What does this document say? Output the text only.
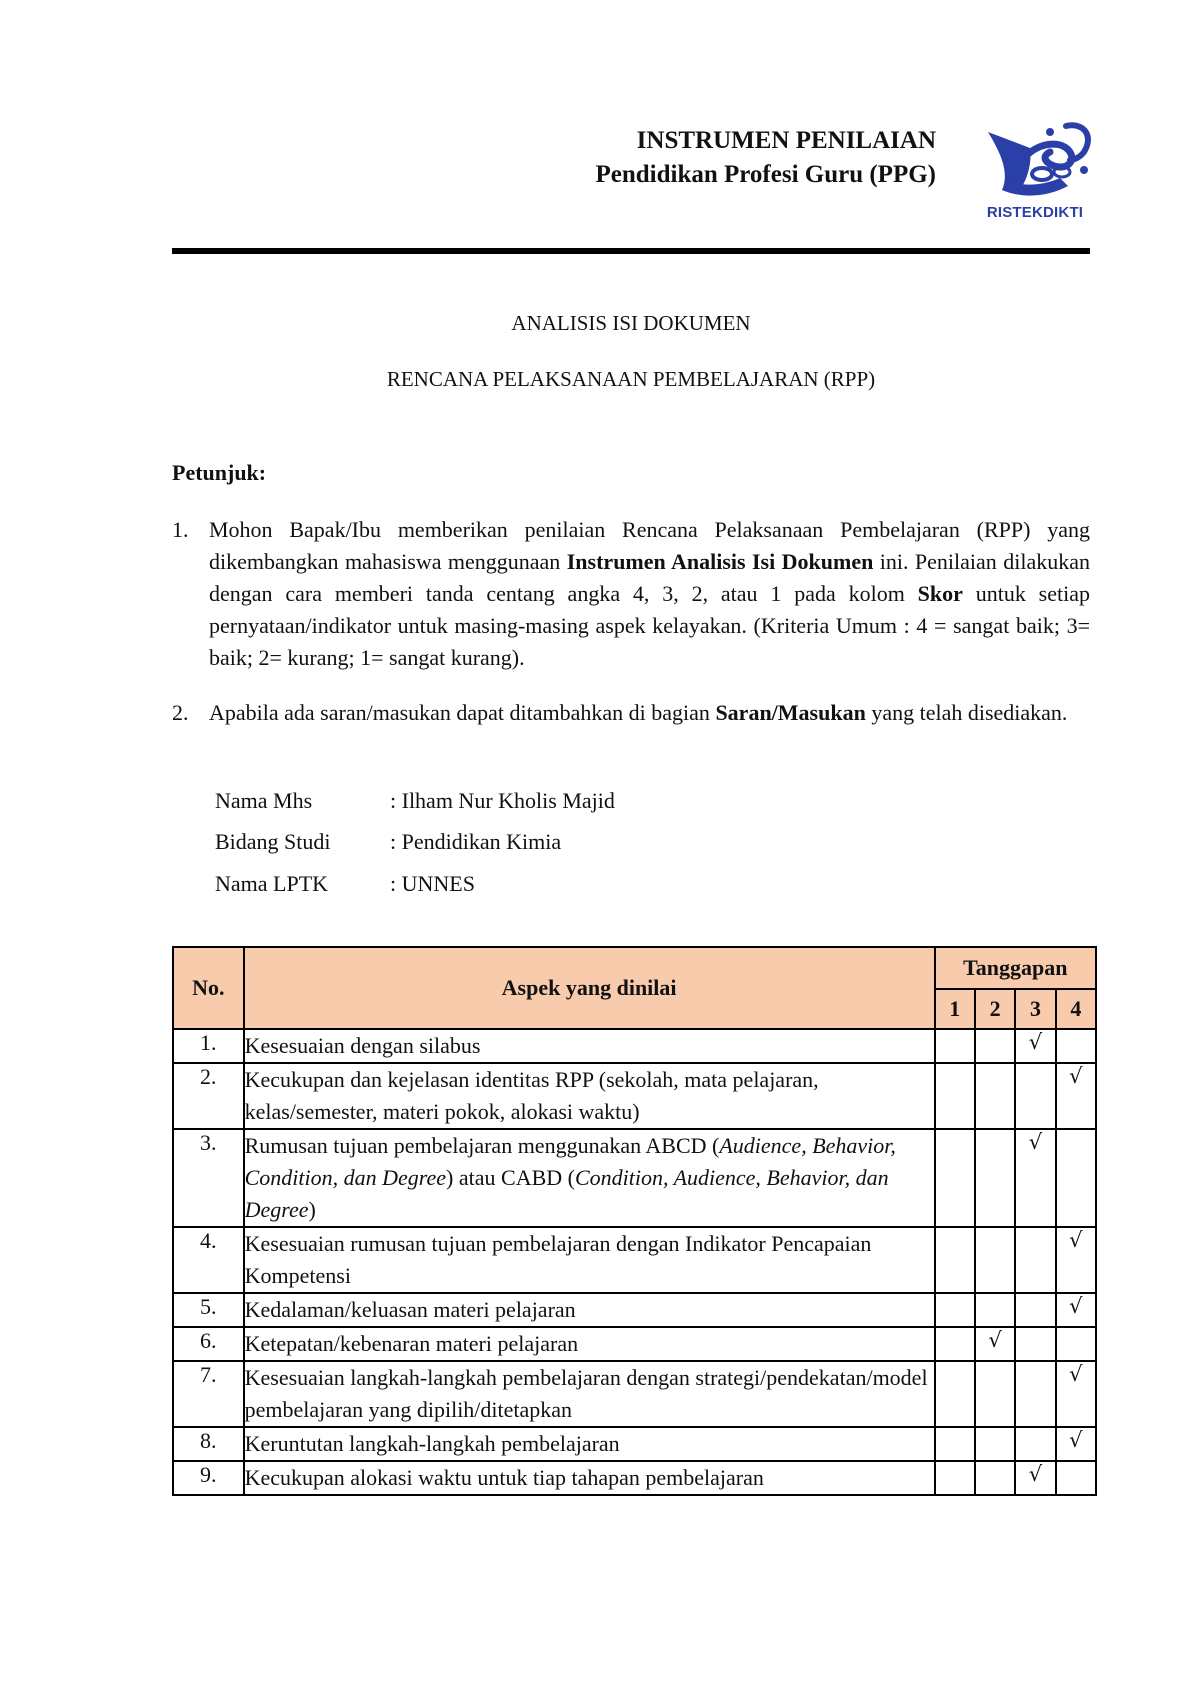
INSTRUMEN PENILAIAN
Pendidikan Profesi Guru (PPG)
RISTEKDIKTI
ANALISIS ISI DOKUMEN
RENCANA PELAKSANAAN PEMBELAJARAN (RPP)
Petunjuk:
1. Mohon Bapak/Ibu memberikan penilaian Rencana Pelaksanaan Pembelajaran (RPP) yang dikembangkan mahasiswa menggunaan Instrumen Analisis Isi Dokumen ini. Penilaian dilakukan dengan cara memberi tanda centang angka 4, 3, 2, atau 1 pada kolom Skor untuk setiap pernyataan/indikator untuk masing-masing aspek kelayakan. (Kriteria Umum : 4 = sangat baik; 3= baik; 2= kurang; 1= sangat kurang).
2. Apabila ada saran/masukan dapat ditambahkan di bagian Saran/Masukan yang telah disediakan.
Nama Mhs	: Ilham Nur Kholis Majid
Bidang Studi	: Pendidikan Kimia
Nama LPTK	: UNNES
No.	Aspek yang dinilai	Tanggapan			
		1	2	3	4
1.	Kesesuaian dengan silabus			√	
2.	Kecukupan dan kejelasan identitas RPP (sekolah, mata pelajaran, kelas/semester, materi pokok, alokasi waktu)				√
3.	Rumusan tujuan pembelajaran menggunakan ABCD (Audience, Behavior, Condition, dan Degree) atau CABD (Condition, Audience, Behavior, dan Degree)			√	
4.	Kesesuaian rumusan tujuan pembelajaran dengan Indikator Pencapaian Kompetensi				√
5.	Kedalaman/keluasan materi pelajaran				√
6.	Ketepatan/kebenaran materi pelajaran		√		
7.	Kesesuaian langkah-langkah pembelajaran dengan strategi/pendekatan/model pembelajaran yang dipilih/ditetapkan				√
8.	Keruntutan langkah-langkah pembelajaran				√
9.	Kecukupan alokasi waktu untuk tiap tahapan pembelajaran			√	
